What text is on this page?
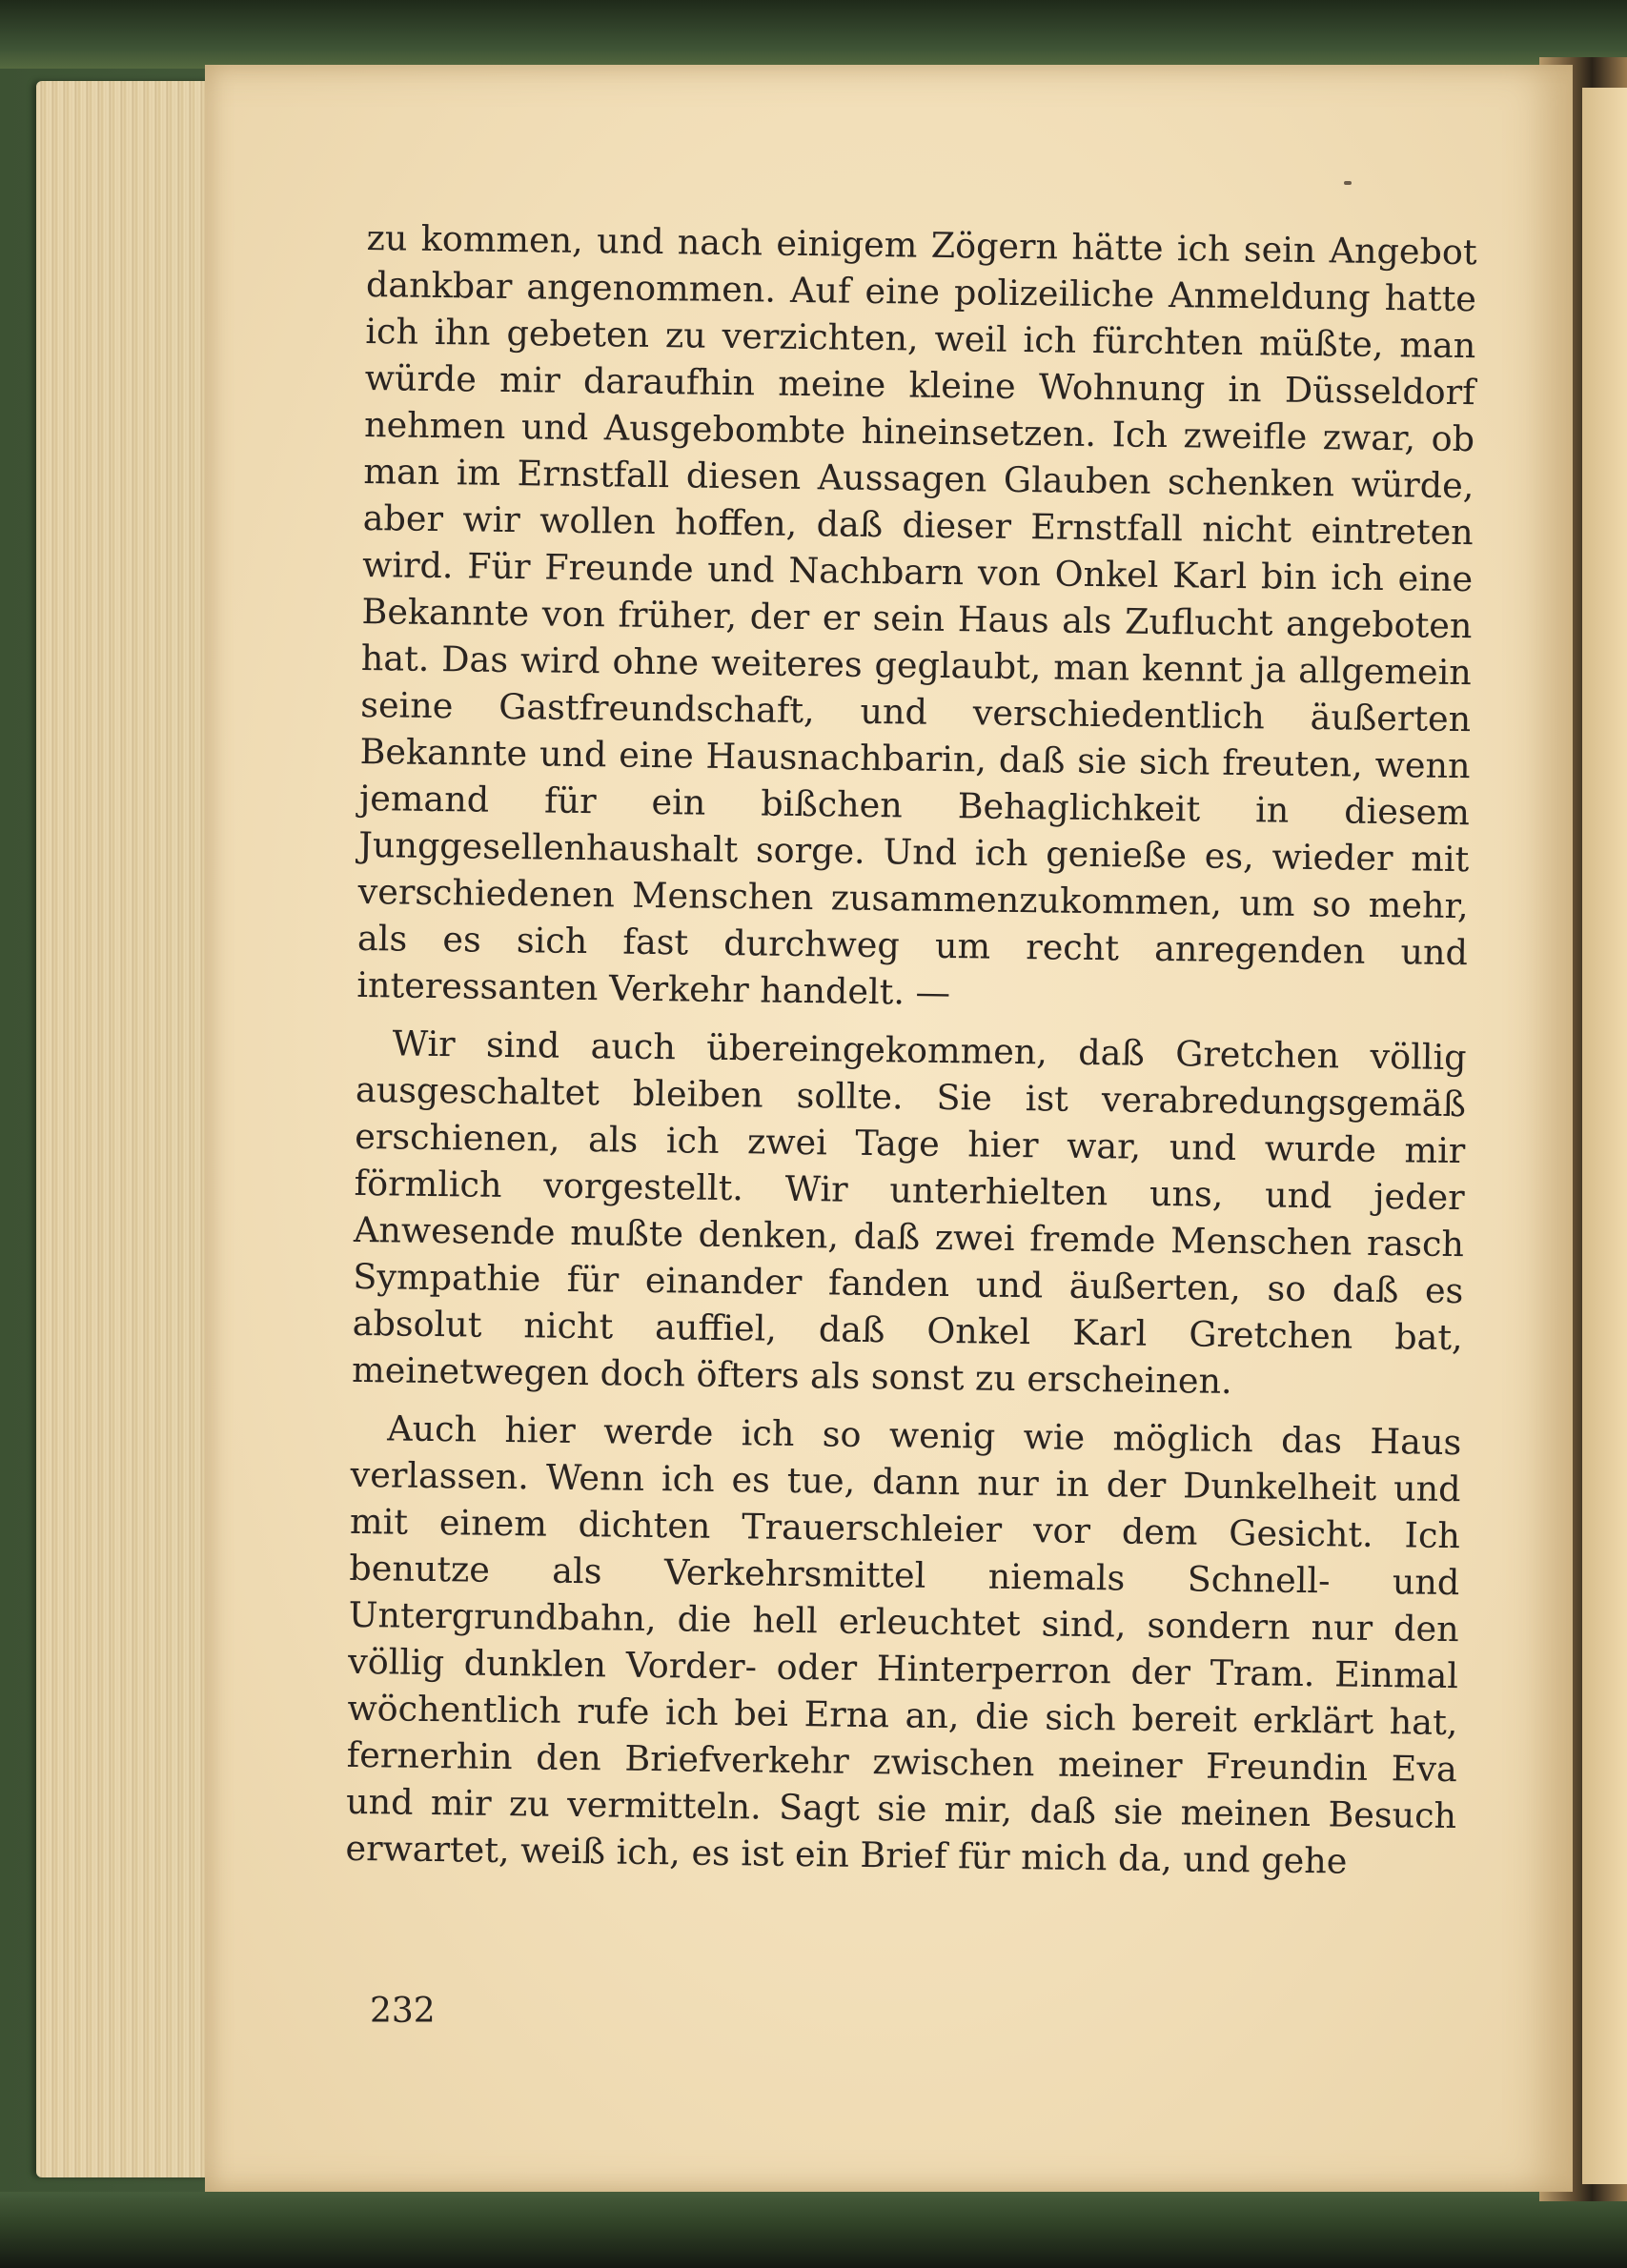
zu kommen, und nach einigem Zögern hätte ich sein Angebot dankbar angenommen. Auf eine polizeiliche Anmeldung hatte ich ihn gebeten zu verzichten, weil ich fürchten müßte, man würde mir daraufhin meine kleine Wohnung in Düsseldorf nehmen und Ausgebombte hineinsetzen. Ich zweifle zwar, ob man im Ernstfall diesen Aussagen Glauben schenken würde, aber wir wollen hoffen, daß dieser Ernstfall nicht eintreten wird. Für Freunde und Nachbarn von Onkel Karl bin ich eine Bekannte von früher, der er sein Haus als Zuflucht angeboten hat. Das wird ohne weiteres geglaubt, man kennt ja allgemein seine Gastfreundschaft, und verschiedentlich äußerten Bekannte und eine Hausnachbarin, daß sie sich freuten, wenn jemand für ein bißchen Behaglichkeit in diesem Junggesellenhaushalt sorge. Und ich genieße es, wieder mit verschiedenen Menschen zusammenzukommen, um so mehr, als es sich fast durchweg um recht anregenden und interessanten Verkehr handelt. —

Wir sind auch übereingekommen, daß Gretchen völlig ausgeschaltet bleiben sollte. Sie ist verabredungsgemäß erschienen, als ich zwei Tage hier war, und wurde mir förmlich vorgestellt. Wir unterhielten uns, und jeder Anwesende mußte denken, daß zwei fremde Menschen rasch Sympathie für einander fanden und äußerten, so daß es absolut nicht auffiel, daß Onkel Karl Gretchen bat, meinetwegen doch öfters als sonst zu erscheinen.

Auch hier werde ich so wenig wie möglich das Haus verlassen. Wenn ich es tue, dann nur in der Dunkelheit und mit einem dichten Trauerschleier vor dem Gesicht. Ich benutze als Verkehrsmittel niemals Schnell- und Untergrundbahn, die hell erleuchtet sind, sondern nur den völlig dunklen Vorder- oder Hinterperron der Tram. Einmal wöchentlich rufe ich bei Erna an, die sich bereit erklärt hat, fernerhin den Briefverkehr zwischen meiner Freundin Eva und mir zu vermitteln. Sagt sie mir, daß sie meinen Besuch erwartet, weiß ich, es ist ein Brief für mich da, und gehe

232
